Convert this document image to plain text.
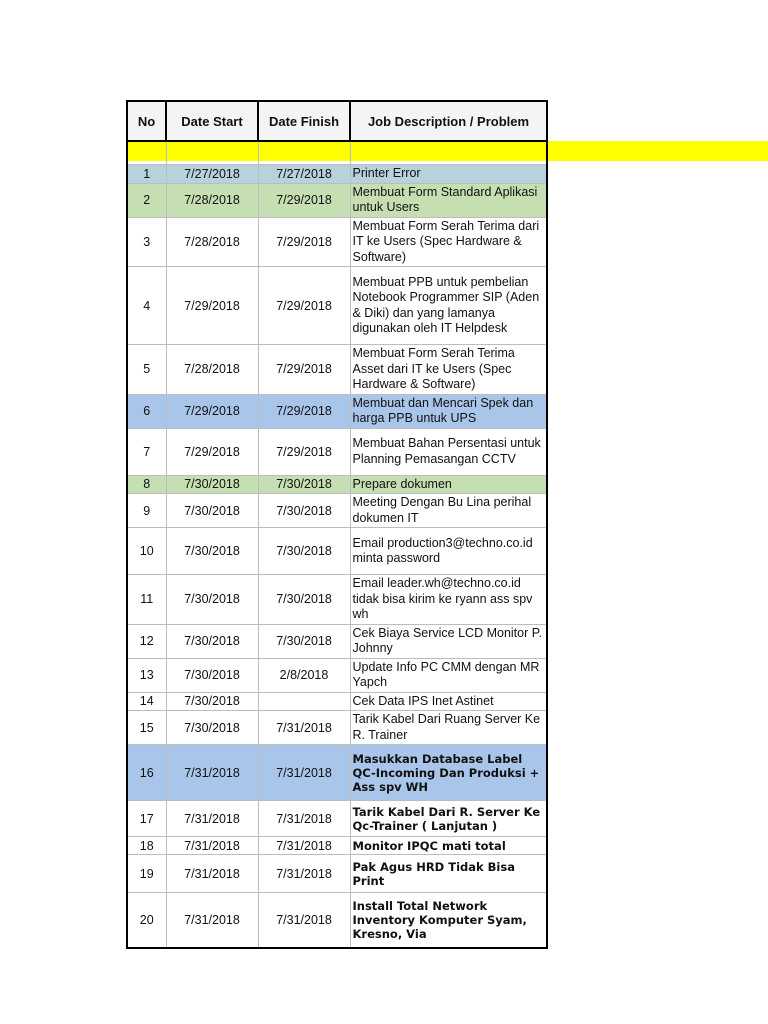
No	Date Start	Date Finish	Job Description / Problem

1	7/27/2018	7/27/2018	Printer Error
2	7/28/2018	7/29/2018	Membuat Form Standard Aplikasi untuk Users
3	7/28/2018	7/29/2018	Membuat Form Serah Terima dari IT ke Users (Spec Hardware & Software)
4	7/29/2018	7/29/2018	Membuat PPB untuk pembelian Notebook Programmer SIP (Aden & Diki) dan yang lamanya digunakan oleh IT Helpdesk
5	7/28/2018	7/29/2018	Membuat Form Serah Terima Asset dari IT ke Users (Spec Hardware & Software)
6	7/29/2018	7/29/2018	Membuat dan Mencari Spek dan harga PPB untuk UPS
7	7/29/2018	7/29/2018	Membuat Bahan Persentasi untuk Planning Pemasangan CCTV
8	7/30/2018	7/30/2018	Prepare dokumen
9	7/30/2018	7/30/2018	Meeting Dengan Bu Lina perihal dokumen IT
10	7/30/2018	7/30/2018	Email production3@techno.co.id minta password
11	7/30/2018	7/30/2018	Email leader.wh@techno.co.id tidak bisa kirim ke ryann ass spv wh
12	7/30/2018	7/30/2018	Cek Biaya Service LCD Monitor P. Johnny
13	7/30/2018	2/8/2018	Update Info PC CMM dengan MR Yapch
14	7/30/2018		Cek Data IPS Inet Astinet
15	7/30/2018	7/31/2018	Tarik Kabel Dari Ruang Server Ke R. Trainer
16	7/31/2018	7/31/2018	Masukkan Database Label QC-Incoming Dan Produksi + Ass spv WH
17	7/31/2018	7/31/2018	Tarik Kabel Dari R. Server Ke Qc-Trainer ( Lanjutan )
18	7/31/2018	7/31/2018	Monitor IPQC mati total
19	7/31/2018	7/31/2018	Pak Agus HRD Tidak Bisa Print
20	7/31/2018	7/31/2018	Install Total Network Inventory Komputer Syam, Kresno, Via
